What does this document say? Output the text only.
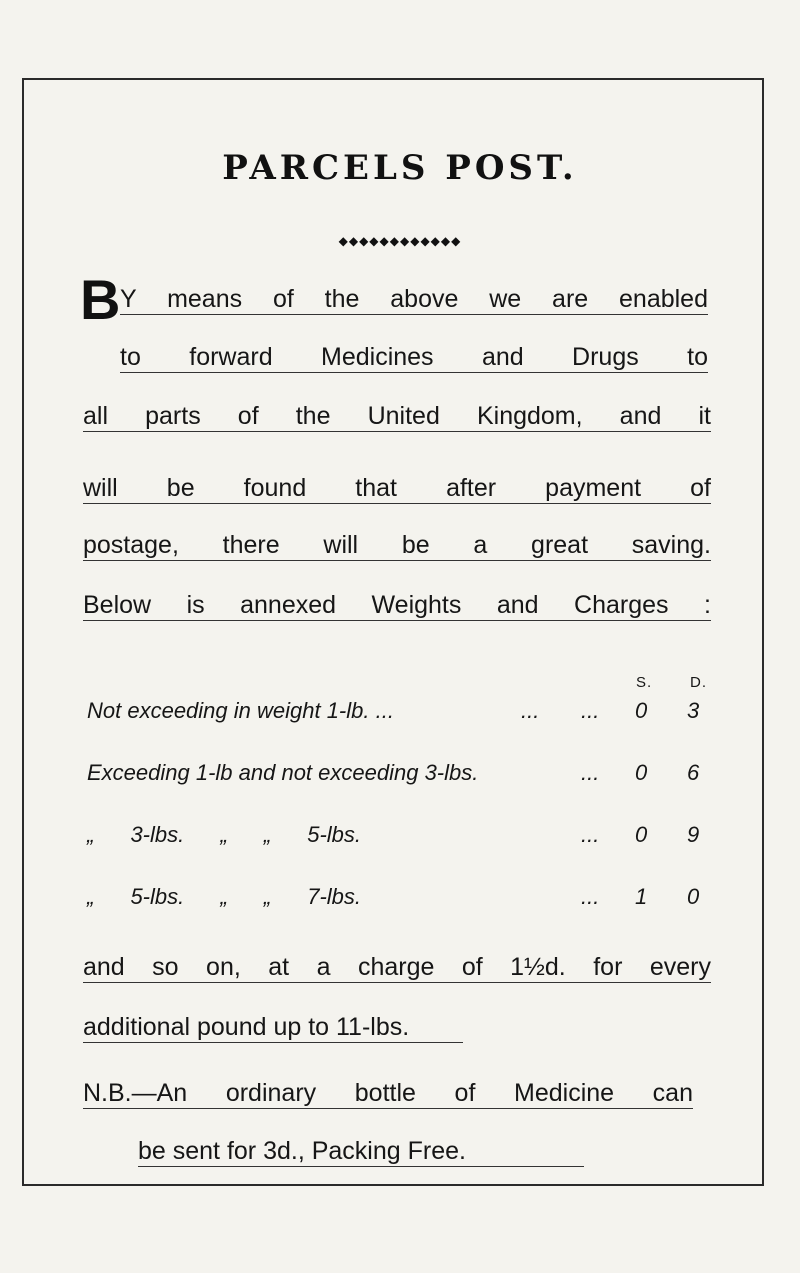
PARCELS POST.
◆◆◆◆◆◆◆◆◆◆◆◆
B Y means of the above we are enabled
to forward Medicines and Drugs to
all parts of the United Kingdom, and it
will be found that after payment of
postage, there will be a great saving.
Below is annexed Weights and Charges :
S.	D.
Not exceeding in weight 1-lb. ...	... ... 0 3
Exceeding 1-lb and not exceeding 3-lbs.	... 0 6
„ 3-lbs. „ „ 5-lbs.	... 0 9
„ 5-lbs. „ „ 7-lbs.	... 1 0
and so on, at a charge of 1½d. for every
additional pound up to 11-lbs.
N.B.—An ordinary bottle of Medicine can
be sent for 3d., Packing Free.
